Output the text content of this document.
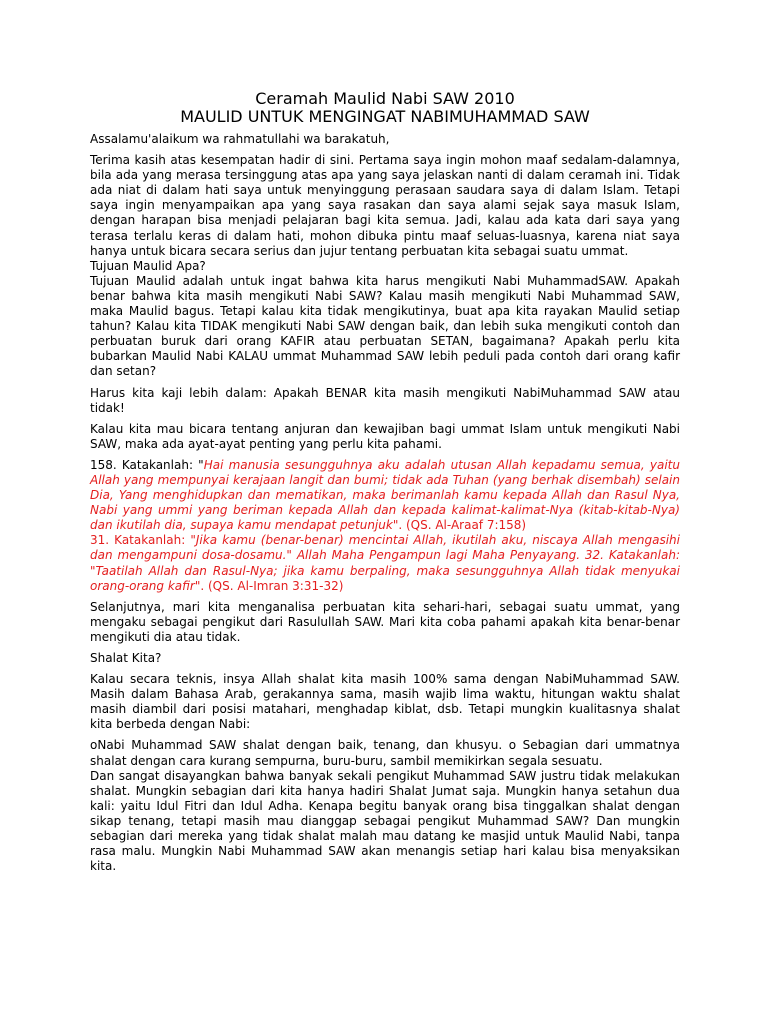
Ceramah Maulid Nabi SAW 2010
MAULID UNTUK MENGINGAT NABIMUHAMMAD SAW

Assalamu'alaikum wa rahmatullahi wa barakatuh,

Terima kasih atas kesempatan hadir di sini. Pertama saya ingin mohon maaf sedalam-dalamnya, bila ada yang merasa tersinggung atas apa yang saya jelaskan nanti di dalam ceramah ini. Tidak ada niat di dalam hati saya untuk menyinggung perasaan saudara saya di dalam Islam. Tetapi saya ingin menyampaikan apa yang saya rasakan dan saya alami sejak saya masuk Islam, dengan harapan bisa menjadi pelajaran bagi kita semua. Jadi, kalau ada kata dari saya yang terasa terlalu keras di dalam hati, mohon dibuka pintu maaf seluas-luasnya, karena niat saya hanya untuk bicara secara serius dan jujur tentang perbuatan kita sebagai suatu ummat.

Tujuan Maulid Apa?

Tujuan Maulid adalah untuk ingat bahwa kita harus mengikuti Nabi MuhammadSAW. Apakah benar bahwa kita masih mengikuti Nabi SAW? Kalau masih mengikuti Nabi Muhammad SAW, maka Maulid bagus. Tetapi kalau kita tidak mengikutinya, buat apa kita rayakan Maulid setiap tahun? Kalau kita TIDAK mengikuti Nabi SAW dengan baik, dan lebih suka mengikuti contoh dan perbuatan buruk dari orang KAFIR atau perbuatan SETAN, bagaimana? Apakah perlu kita bubarkan Maulid Nabi KALAU ummat Muhammad SAW lebih peduli pada contoh dari orang kafir dan setan?

Harus kita kaji lebih dalam: Apakah BENAR kita masih mengikuti NabiMuhammad SAW atau tidak!

Kalau kita mau bicara tentang anjuran dan kewajiban bagi ummat Islam untuk mengikuti Nabi SAW, maka ada ayat-ayat penting yang perlu kita pahami.

158. Katakanlah: "Hai manusia sesungguhnya aku adalah utusan Allah kepadamu semua, yaitu Allah yang mempunyai kerajaan langit dan bumi; tidak ada Tuhan (yang berhak disembah) selain Dia, Yang menghidupkan dan mematikan, maka berimanlah kamu kepada Allah dan Rasul Nya, Nabi yang ummi yang beriman kepada Allah dan kepada kalimat-kalimat-Nya (kitab-kitab-Nya) dan ikutilah dia, supaya kamu mendapat petunjuk". (QS. Al-Araaf 7:158)

31. Katakanlah: "Jika kamu (benar-benar) mencintai Allah, ikutilah aku, niscaya Allah mengasihi dan mengampuni dosa-dosamu." Allah Maha Pengampun lagi Maha Penyayang. 32. Katakanlah: "Taatilah Allah dan Rasul-Nya; jika kamu berpaling, maka sesungguhnya Allah tidak menyukai orang-orang kafir". (QS. Al-Imran 3:31-32)

Selanjutnya, mari kita menganalisa perbuatan kita sehari-hari, sebagai suatu ummat, yang mengaku sebagai pengikut dari Rasulullah SAW. Mari kita coba pahami apakah kita benar-benar mengikuti dia atau tidak.

Shalat Kita?

Kalau secara teknis, insya Allah shalat kita masih 100% sama dengan NabiMuhammad SAW. Masih dalam Bahasa Arab, gerakannya sama, masih wajib lima waktu, hitungan waktu shalat masih diambil dari posisi matahari, menghadap kiblat, dsb. Tetapi mungkin kualitasnya shalat kita berbeda dengan Nabi:

oNabi Muhammad SAW shalat dengan baik, tenang, dan khusyu. o Sebagian dari ummatnya shalat dengan cara kurang sempurna, buru-buru, sambil memikirkan segala sesuatu.

Dan sangat disayangkan bahwa banyak sekali pengikut Muhammad SAW justru tidak melakukan shalat. Mungkin sebagian dari kita hanya hadiri Shalat Jumat saja. Mungkin hanya setahun dua kali: yaitu Idul Fitri dan Idul Adha. Kenapa begitu banyak orang bisa tinggalkan shalat dengan sikap tenang, tetapi masih mau dianggap sebagai pengikut Muhammad SAW? Dan mungkin sebagian dari mereka yang tidak shalat malah mau datang ke masjid untuk Maulid Nabi, tanpa rasa malu. Mungkin Nabi Muhammad SAW akan menangis setiap hari kalau bisa menyaksikan kita.
